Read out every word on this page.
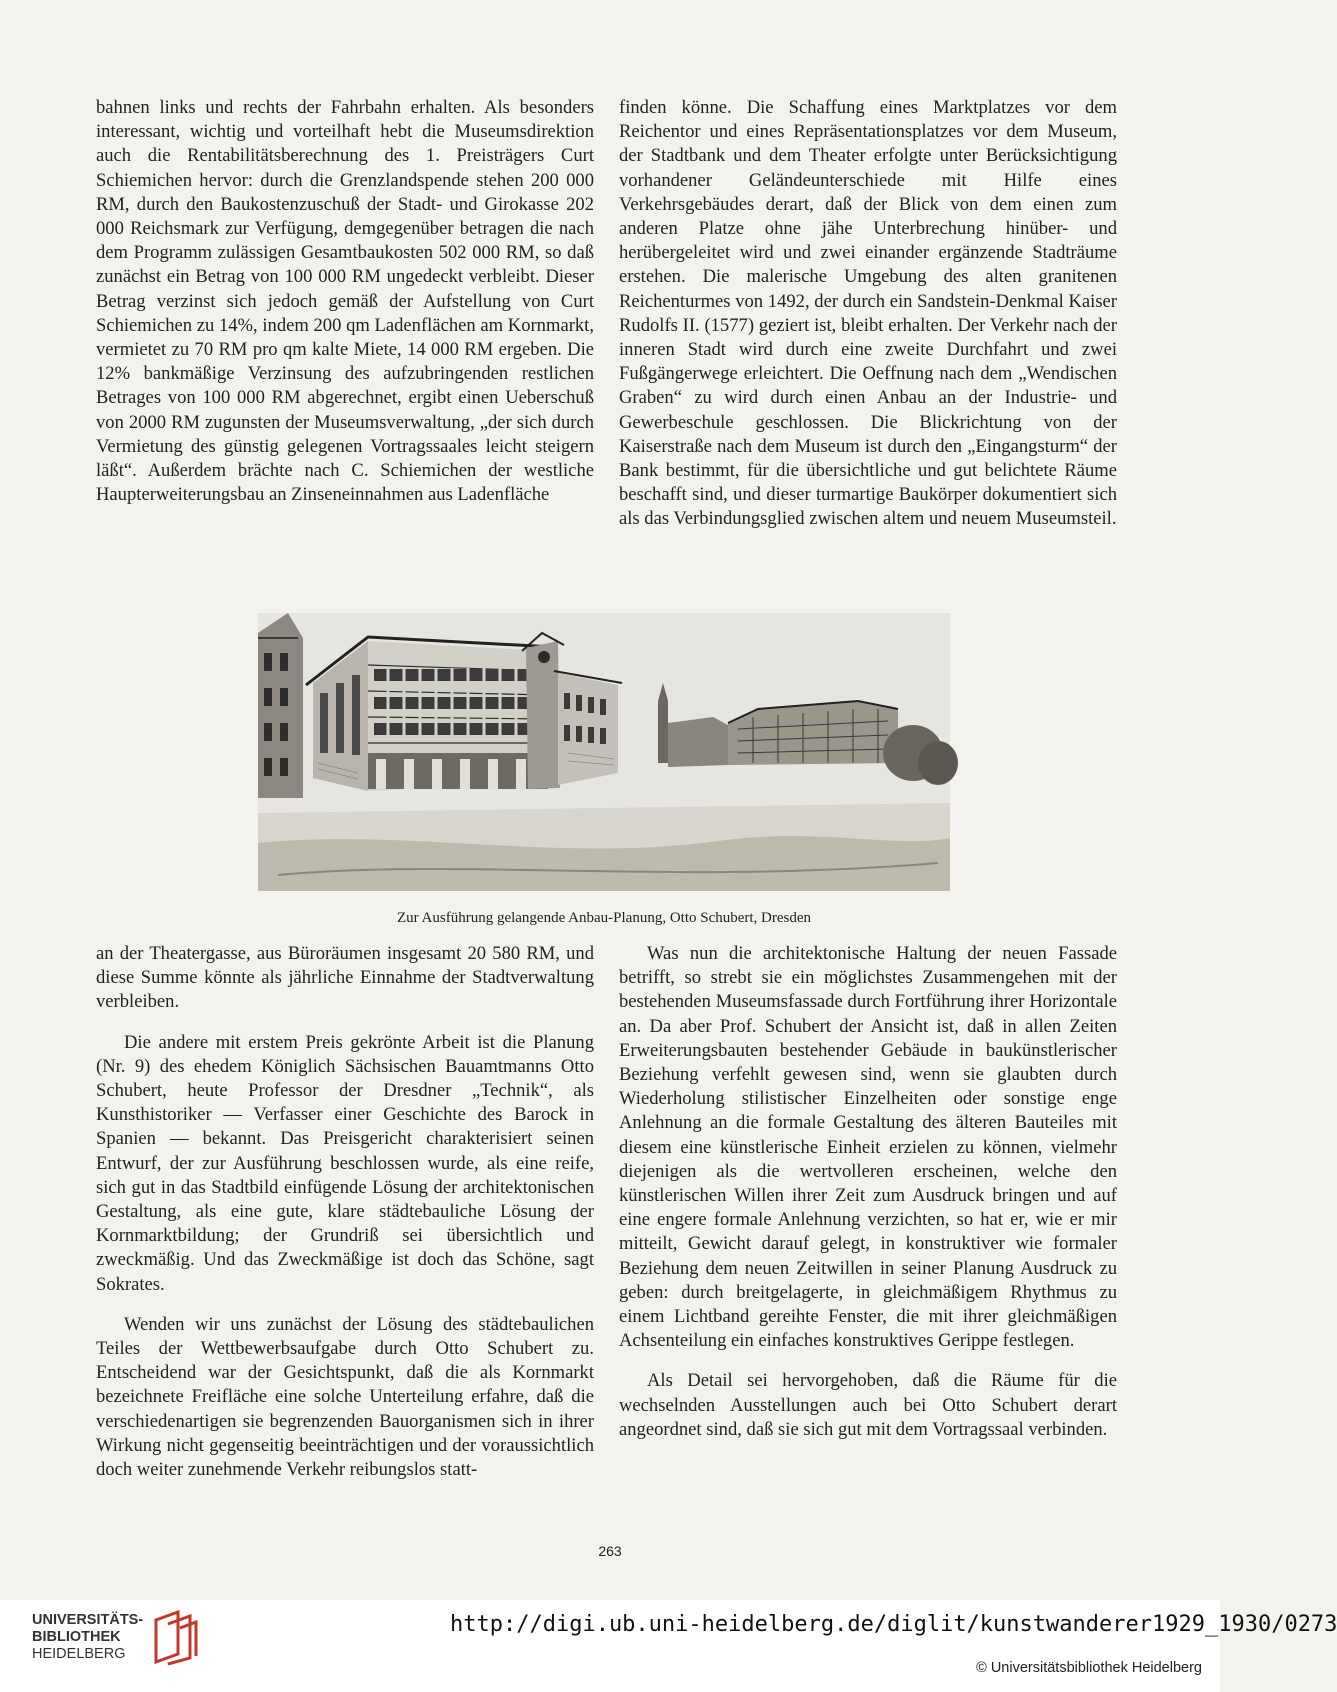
bahnen links und rechts der Fahrbahn erhalten. Als besonders interessant, wichtig und vorteilhaft hebt die Museumsdirektion auch die Rentabilitätsberechnung des 1. Preisträgers Curt Schiemichen hervor: durch die Grenzlandspende stehen 200 000 RM, durch den Baukostenzuschuß der Stadt- und Girokasse 202 000 Reichsmark zur Verfügung, demgegenüber betragen die nach dem Programm zulässigen Gesamtbaukosten 502 000 RM, so daß zunächst ein Betrag von 100 000 RM ungedeckt verbleibt. Dieser Betrag verzinst sich jedoch gemäß der Aufstellung von Curt Schiemichen zu 14%, indem 200 qm Ladenflächen am Kornmarkt, vermietet zu 70 RM pro qm kalte Miete, 14 000 RM ergeben. Die 12% bankmäßige Verzinsung des aufzubringenden restlichen Betrages von 100 000 RM abgerechnet, ergibt einen Ueberschuß von 2000 RM zugunsten der Museumsverwaltung, „der sich durch Vermietung des günstig gelegenen Vortragssaales leicht steigern läßt“. Außerdem brächte nach C. Schiemichen der westliche Haupterweiterungsbau an Zinseneinnahmen aus Ladenfläche

finden könne. Die Schaffung eines Marktplatzes vor dem Reichentor und eines Repräsentationsplatzes vor dem Museum, der Stadtbank und dem Theater erfolgte unter Berücksichtigung vorhandener Geländeunterschiede mit Hilfe eines Verkehrsgebäudes derart, daß der Blick von dem einen zum anderen Platze ohne jähe Unterbrechung hinüber- und herübergeleitet wird und zwei einander ergänzende Stadträume erstehen. Die malerische Umgebung des alten granitenen Reichenturmes von 1492, der durch ein Sandstein-Denkmal Kaiser Rudolfs II. (1577) geziert ist, bleibt erhalten. Der Verkehr nach der inneren Stadt wird durch eine zweite Durchfahrt und zwei Fußgängerwege erleichtert. Die Oeffnung nach dem „Wendischen Graben“ zu wird durch einen Anbau an der Industrie- und Gewerbeschule geschlossen. Die Blickrichtung von der Kaiserstraße nach dem Museum ist durch den „Eingangsturm“ der Bank bestimmt, für die übersichtliche und gut belichtete Räume beschafft sind, und dieser turmartige Baukörper dokumentiert sich als das Verbindungsglied zwischen altem und neuem Museumsteil.

Zur Ausführung gelangende Anbau-Planung, Otto Schubert, Dresden

an der Theatergasse, aus Büroräumen insgesamt 20 580 RM, und diese Summe könnte als jährliche Einnahme der Stadtverwaltung verbleiben.

Die andere mit erstem Preis gekrönte Arbeit ist die Planung (Nr. 9) des ehedem Königlich Sächsischen Bauamtmanns Otto Schubert, heute Professor der Dresdner „Technik“, als Kunsthistoriker — Verfasser einer Geschichte des Barock in Spanien — bekannt. Das Preisgericht charakterisiert seinen Entwurf, der zur Ausführung beschlossen wurde, als eine reife, sich gut in das Stadtbild einfügende Lösung der architektonischen Gestaltung, als eine gute, klare städtebauliche Lösung der Kornmarktbildung; der Grundriß sei übersichtlich und zweckmäßig. Und das Zweckmäßige ist doch das Schöne, sagt Sokrates.

Wenden wir uns zunächst der Lösung des städtebaulichen Teiles der Wettbewerbsaufgabe durch Otto Schubert zu. Entscheidend war der Gesichtspunkt, daß die als Kornmarkt bezeichnete Freifläche eine solche Unterteilung erfahre, daß die verschiedenartigen sie begrenzenden Bauorganismen sich in ihrer Wirkung nicht gegenseitig beeinträchtigen und der voraussichtlich doch weiter zunehmende Verkehr reibungslos statt-

Was nun die architektonische Haltung der neuen Fassade betrifft, so strebt sie ein möglichstes Zusammengehen mit der bestehenden Museumsfassade durch Fortführung ihrer Horizontale an. Da aber Prof. Schubert der Ansicht ist, daß in allen Zeiten Erweiterungsbauten bestehender Gebäude in baukünstlerischer Beziehung verfehlt gewesen sind, wenn sie glaubten durch Wiederholung stilistischer Einzelheiten oder sonstige enge Anlehnung an die formale Gestaltung des älteren Bauteiles mit diesem eine künstlerische Einheit erzielen zu können, vielmehr diejenigen als die wertvolleren erscheinen, welche den künstlerischen Willen ihrer Zeit zum Ausdruck bringen und auf eine engere formale Anlehnung verzichten, so hat er, wie er mir mitteilt, Gewicht darauf gelegt, in konstruktiver wie formaler Beziehung dem neuen Zeitwillen in seiner Planung Ausdruck zu geben: durch breitgelagerte, in gleichmäßigem Rhythmus zu einem Lichtband gereihte Fenster, die mit ihrer gleichmäßigen Achsenteilung ein einfaches konstruktives Gerippe festlegen.

Als Detail sei hervorgehoben, daß die Räume für die wechselnden Ausstellungen auch bei Otto Schubert derart angeordnet sind, daß sie sich gut mit dem Vortragssaal verbinden.

263
UNIVERSITÄTS-
BIBLIOTHEK
HEIDELBERG
http://digi.ub.uni-heidelberg.de/diglit/kunstwanderer1929_1930/0273
© Universitätsbibliothek Heidelberg
